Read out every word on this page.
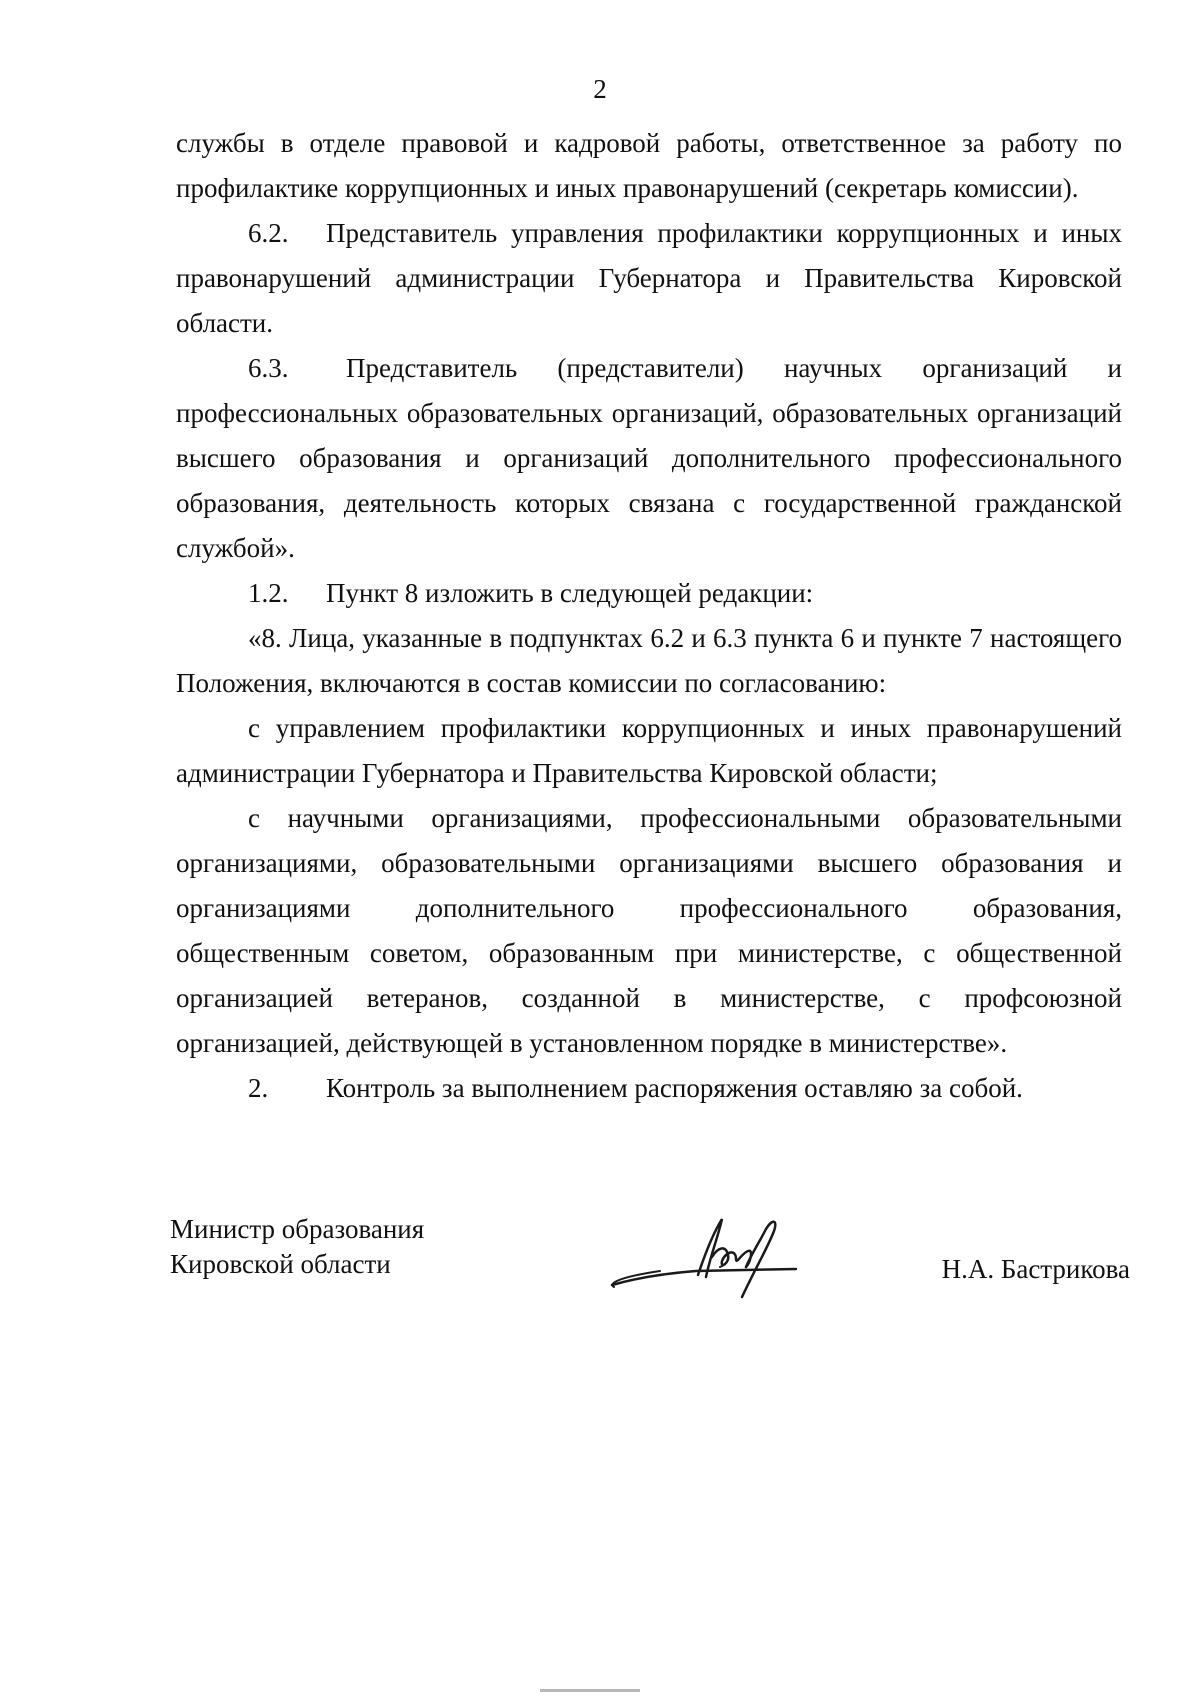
2

службы в отделе правовой и кадровой работы, ответственное за работу по профилактике коррупционных и иных правонарушений (секретарь комиссии).

6.2. Представитель управления профилактики коррупционных и иных правонарушений администрации Губернатора и Правительства Кировской области.

6.3. Представитель (представители) научных организаций и профессиональных образовательных организаций, образовательных организаций высшего образования и организаций дополнительного профессионального образования, деятельность которых связана с государственной гражданской службой».

1.2. Пункт 8 изложить в следующей редакции:

«8. Лица, указанные в подпунктах 6.2 и 6.3 пункта 6 и пункте 7 настоящего Положения, включаются в состав комиссии по согласованию:

с управлением профилактики коррупционных и иных правонарушений администрации Губернатора и Правительства Кировской области;

с научными организациями, профессиональными образовательными организациями, образовательными организациями высшего образования и организациями дополнительного профессионального образования, общественным советом, образованным при министерстве, с общественной организацией ветеранов, созданной в министерстве, с профсоюзной организацией, действующей в установленном порядке в министерстве».

2. Контроль за выполнением распоряжения оставляю за собой.

Министр образования
Кировской области	Н.А. Бастрикова
